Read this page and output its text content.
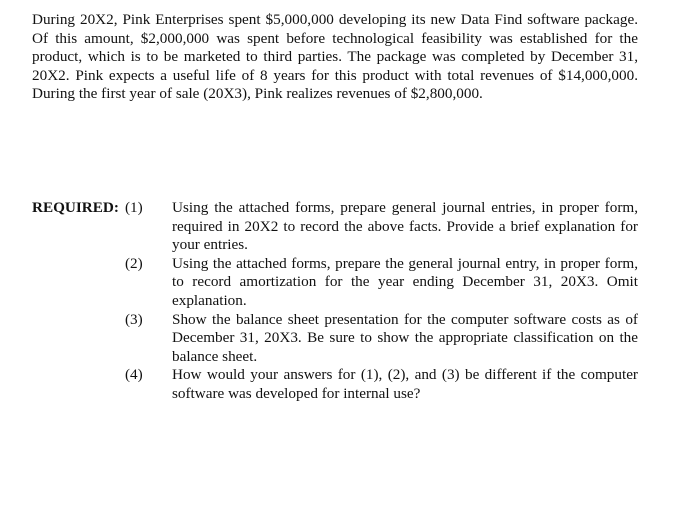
During 20X2, Pink Enterprises spent $5,000,000 developing its new Data Find software package. Of this amount, $2,000,000 was spent before technological feasibility was established for the product, which is to be marketed to third parties. The package was completed by December 31, 20X2. Pink expects a useful life of 8 years for this product with total revenues of $14,000,000. During the first year of sale (20X3), Pink realizes revenues of $2,800,000.

REQUIRED: (1) Using the attached forms, prepare general journal entries, in proper form, required in 20X2 to record the above facts. Provide a brief explanation for your entries.
(2) Using the attached forms, prepare the general journal entry, in proper form, to record amortization for the year ending December 31, 20X3. Omit explanation.
(3) Show the balance sheet presentation for the computer software costs as of December 31, 20X3. Be sure to show the appropriate classification on the balance sheet.
(4) How would your answers for (1), (2), and (3) be different if the computer software was developed for internal use?
